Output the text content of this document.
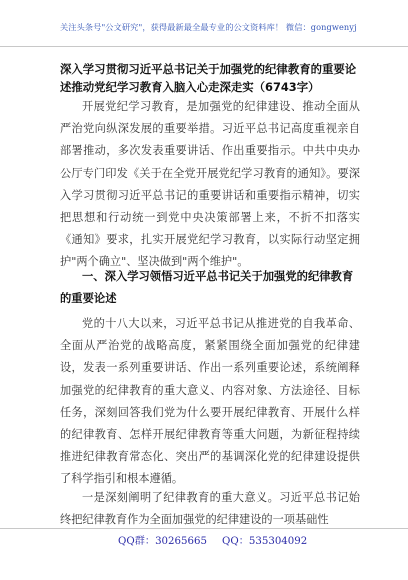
关注头条号"公文研究"，获得最新最全最专业的公文资料库！ 微信：gongwenyj
深入学习贯彻习近平总书记关于加强党的纪律教育的重要论述推动党纪学习教育入脑入心走深走实（6743字）
开展党纪学习教育，是加强党的纪律建设、推动全面从严治党向纵深发展的重要举措。习近平总书记高度重视亲自部署推动，多次发表重要讲话、作出重要指示。中共中央办公厅专门印发《关于在全党开展党纪学习教育的通知》。要深入学习贯彻习近平总书记的重要讲话和重要指示精神，切实把思想和行动统一到党中央决策部署上来，不折不扣落实《通知》要求，扎实开展党纪学习教育，以实际行动坚定拥护"两个确立"、坚决做到"两个维护"。
一、深入学习领悟习近平总书记关于加强党的纪律教育的重要论述
党的十八大以来，习近平总书记从推进党的自我革命、全面从严治党的战略高度，紧紧围绕全面加强党的纪律建设，发表一系列重要讲话、作出一系列重要论述，系统阐释加强党的纪律教育的重大意义、内容对象、方法途径、目标任务，深刻回答我们党为什么要开展纪律教育、开展什么样的纪律教育、怎样开展纪律教育等重大问题，为新征程持续推进纪律教育常态化、突出严的基调深化党的纪律建设提供了科学指引和根本遵循。
一是深刻阐明了纪律教育的重大意义。习近平总书记始终把纪律教育作为全面加强党的纪律建设的一项基础性
QQ群：30265665 QQ：535304092
